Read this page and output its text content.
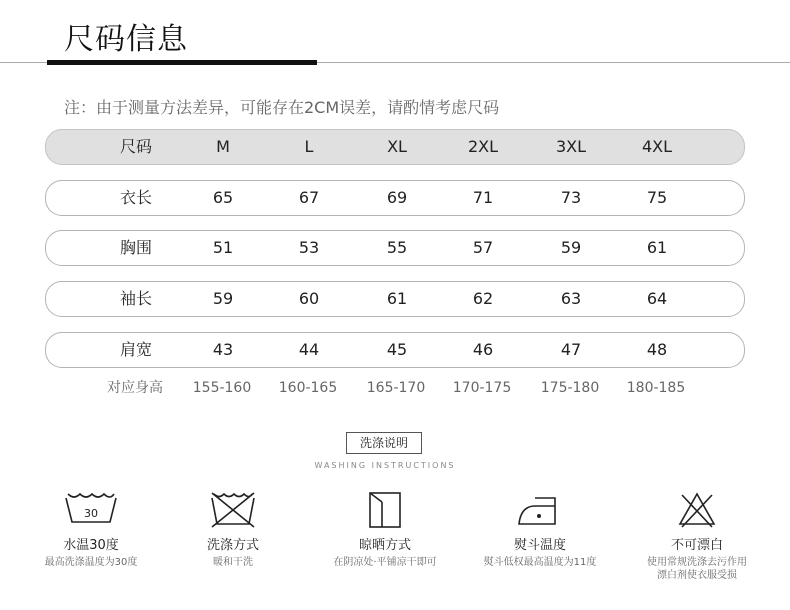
尺码信息
注：由于测量方法差异，可能存在2CM误差，请酌情考虑尺码
尺码	M	L	XL	2XL	3XL	4XL
衣长	65	67	69	71	73	75
胸围	51	53	55	57	59	61
袖长	59	60	61	62	63	64
肩宽	43	44	45	46	47	48
对应身高	155-160	160-165	165-170	170-175	175-180	180-185
洗涤说明
WASHING INSTRUCTIONS
30
水温30度
最高洗涤温度为30度
洗涤方式
暖和干洗
晾晒方式
在阴凉处·平铺凉干即可
熨斗温度
熨斗低权最高温度为11度
不可漂白
使用常规洗涤去污作用
漂白剂使衣服受损
